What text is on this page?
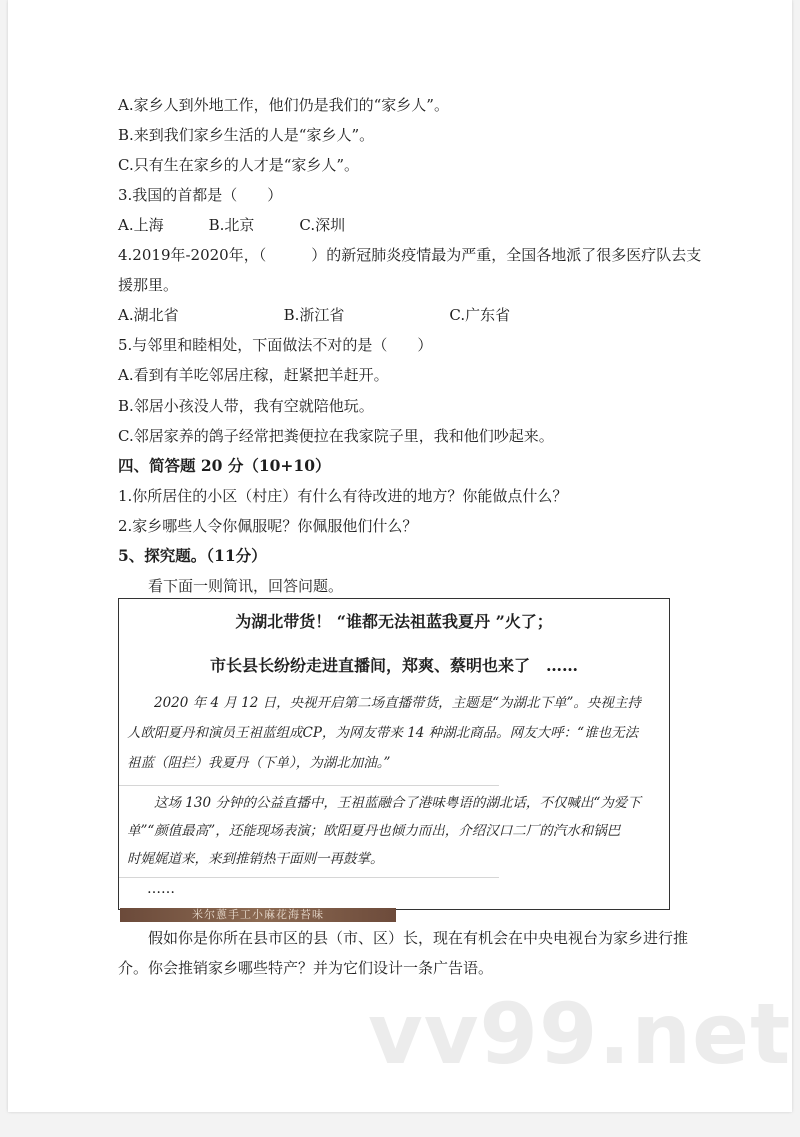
A.家乡人到外地工作，他们仍是我们的“家乡人”。
B.来到我们家乡生活的人是“家乡人”。
C.只有生在家乡的人才是“家乡人”。
3.我国的首都是（　　）
A.上海　　　B.北京　　　C.深圳
4.2019年-2020年，（　　　）的新冠肺炎疫情最为严重，全国各地派了很多医疗队去支
援那里。
A.湖北省　　　　　　　B.浙江省　　　　　　　C.广东省
5.与邻里和睦相处，下面做法不对的是（　　）
A.看到有羊吃邻居庄稼，赶紧把羊赶开。
B.邻居小孩没人带，我有空就陪他玩。
C.邻居家养的鸽子经常把粪便拉在我家院子里，我和他们吵起来。
四、简答题 20 分（10+10）
1.你所居住的小区（村庄）有什么有待改进的地方？你能做点什么？
2.家乡哪些人令你佩服呢？你佩服他们什么？
5、探究题。（11分）
　　看下面一则简讯，回答问题。
为湖北带货！ “谁都无法祖蓝我夏丹 ”火了；
市长县长纷纷走进直播间，郑爽、蔡明也来了　……
　　2020 年 4 月 12 日，央视开启第二场直播带货，主题是“为湖北下单”。央视主持
人欧阳夏丹和演员王祖蓝组成CP，为网友带来 14 种湖北商品。网友大呼：“谁也无法
祖蓝（阻拦）我夏丹（下单），为湖北加油。”
　　这场 130 分钟的公益直播中，王祖蓝融合了港味粤语的湖北话，不仅喊出“为爱下
单”“颜值最高”，还能现场表演；欧阳夏丹也倾力而出，介绍汉口二厂的汽水和锅巴
时娓娓道来，来到推销热干面则一再鼓掌。
……
米尔蔥手工小麻花海苔味
　　假如你是你所在县市区的县（市、区）长，现在有机会在中央电视台为家乡进行推
介。你会推销家乡哪些特产？并为它们设计一条广告语。
vv99.net
